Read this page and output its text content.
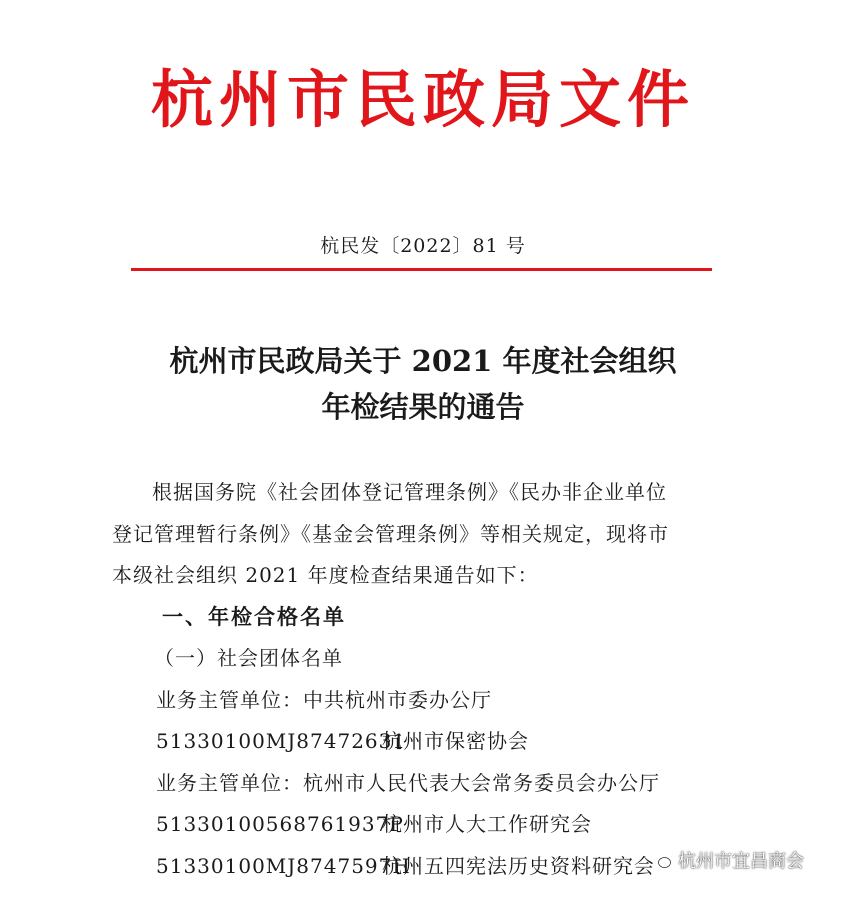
杭州市民政局文件
杭民发〔2022〕81 号
杭州市民政局关于 2021 年度社会组织
年检结果的通告
根据国务院《社会团体登记管理条例》《民办非企业单位
登记管理暂行条例》《基金会管理条例》等相关规定，现将市
本级社会组织 2021 年度检查结果通告如下：
一、年检合格名单
（一）社会团体名单
业务主管单位：中共杭州市委办公厅
51330100MJ87472631杭州市保密协会
业务主管单位：杭州市人民代表大会常务委员会办公厅
51330100568761937P杭州市人大工作研究会
51330100MJ8747597H杭州五四宪法历史资料研究会	杭州市宜昌商会
